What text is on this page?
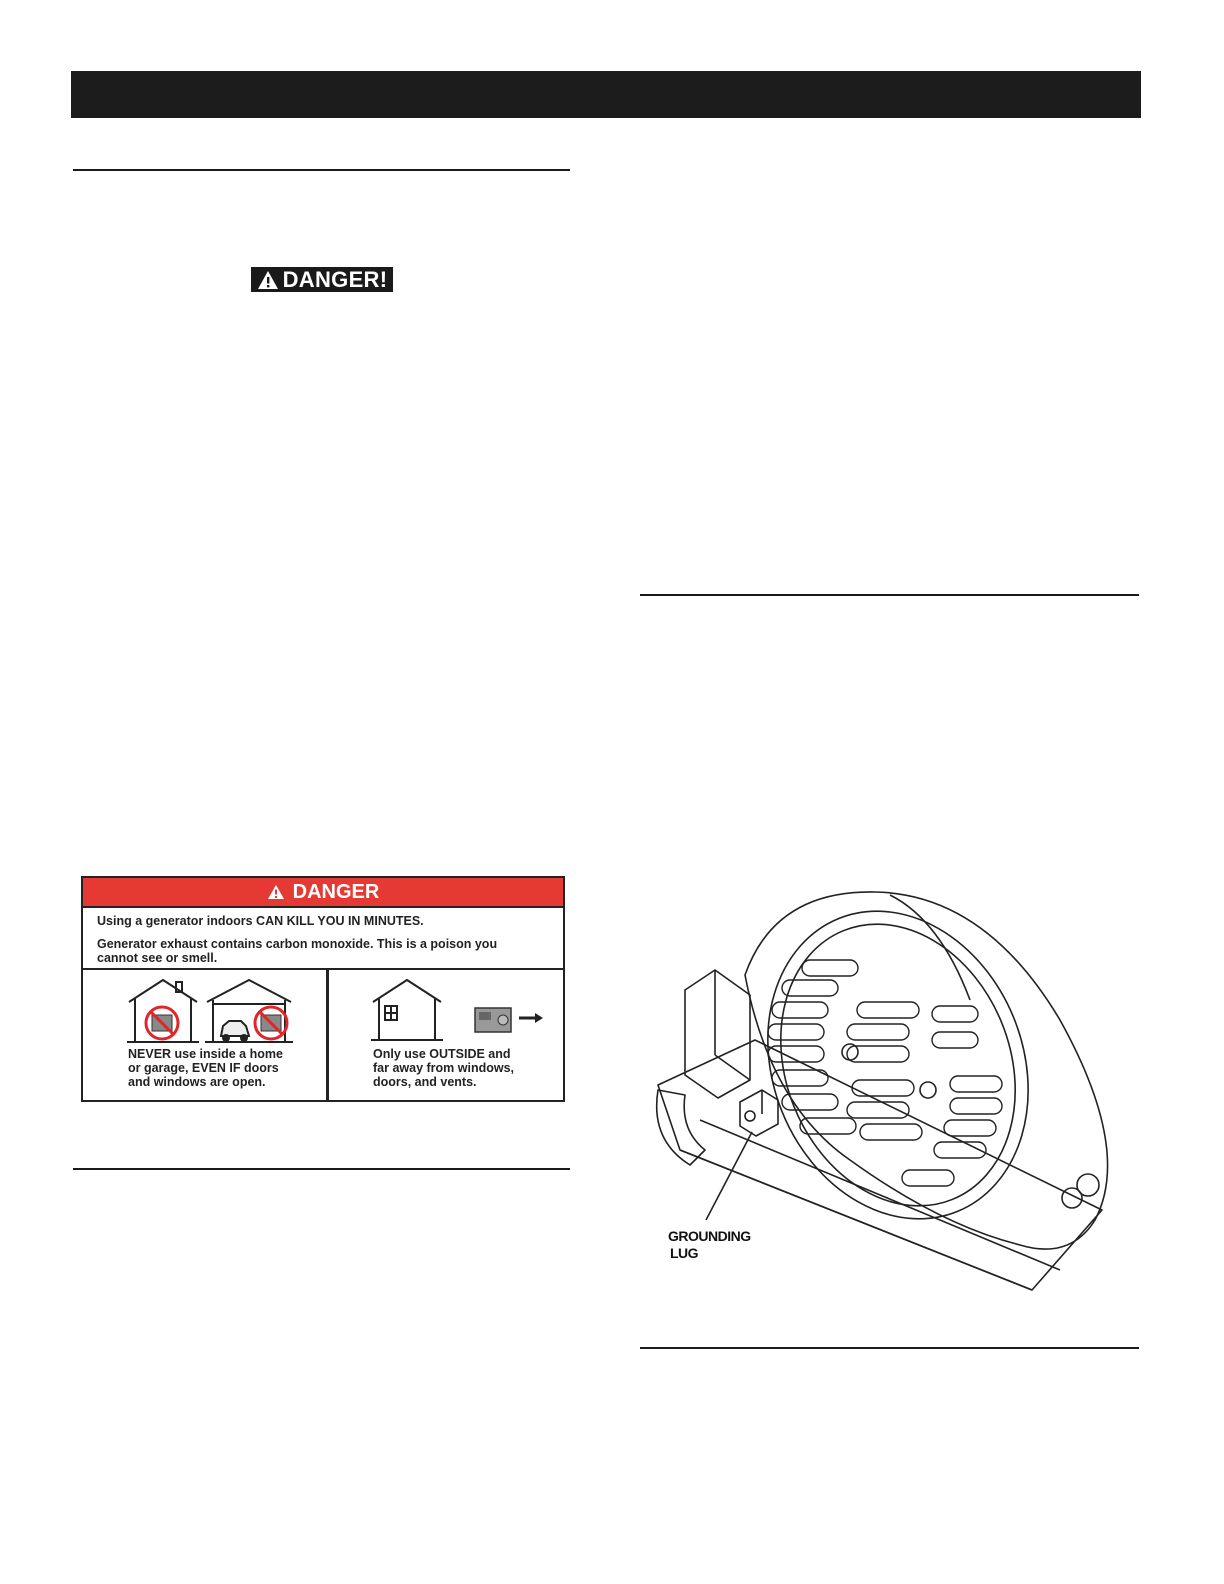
DANGER!
DANGER
Using a generator indoors CAN KILL YOU IN MINUTES.
Generator exhaust contains carbon monoxide. This is a poison you
cannot see or smell.
NEVER use inside a home
or garage, EVEN IF doors
and windows are open.
Only use OUTSIDE and
far away from windows,
doors, and vents.
GROUNDING
LUG
